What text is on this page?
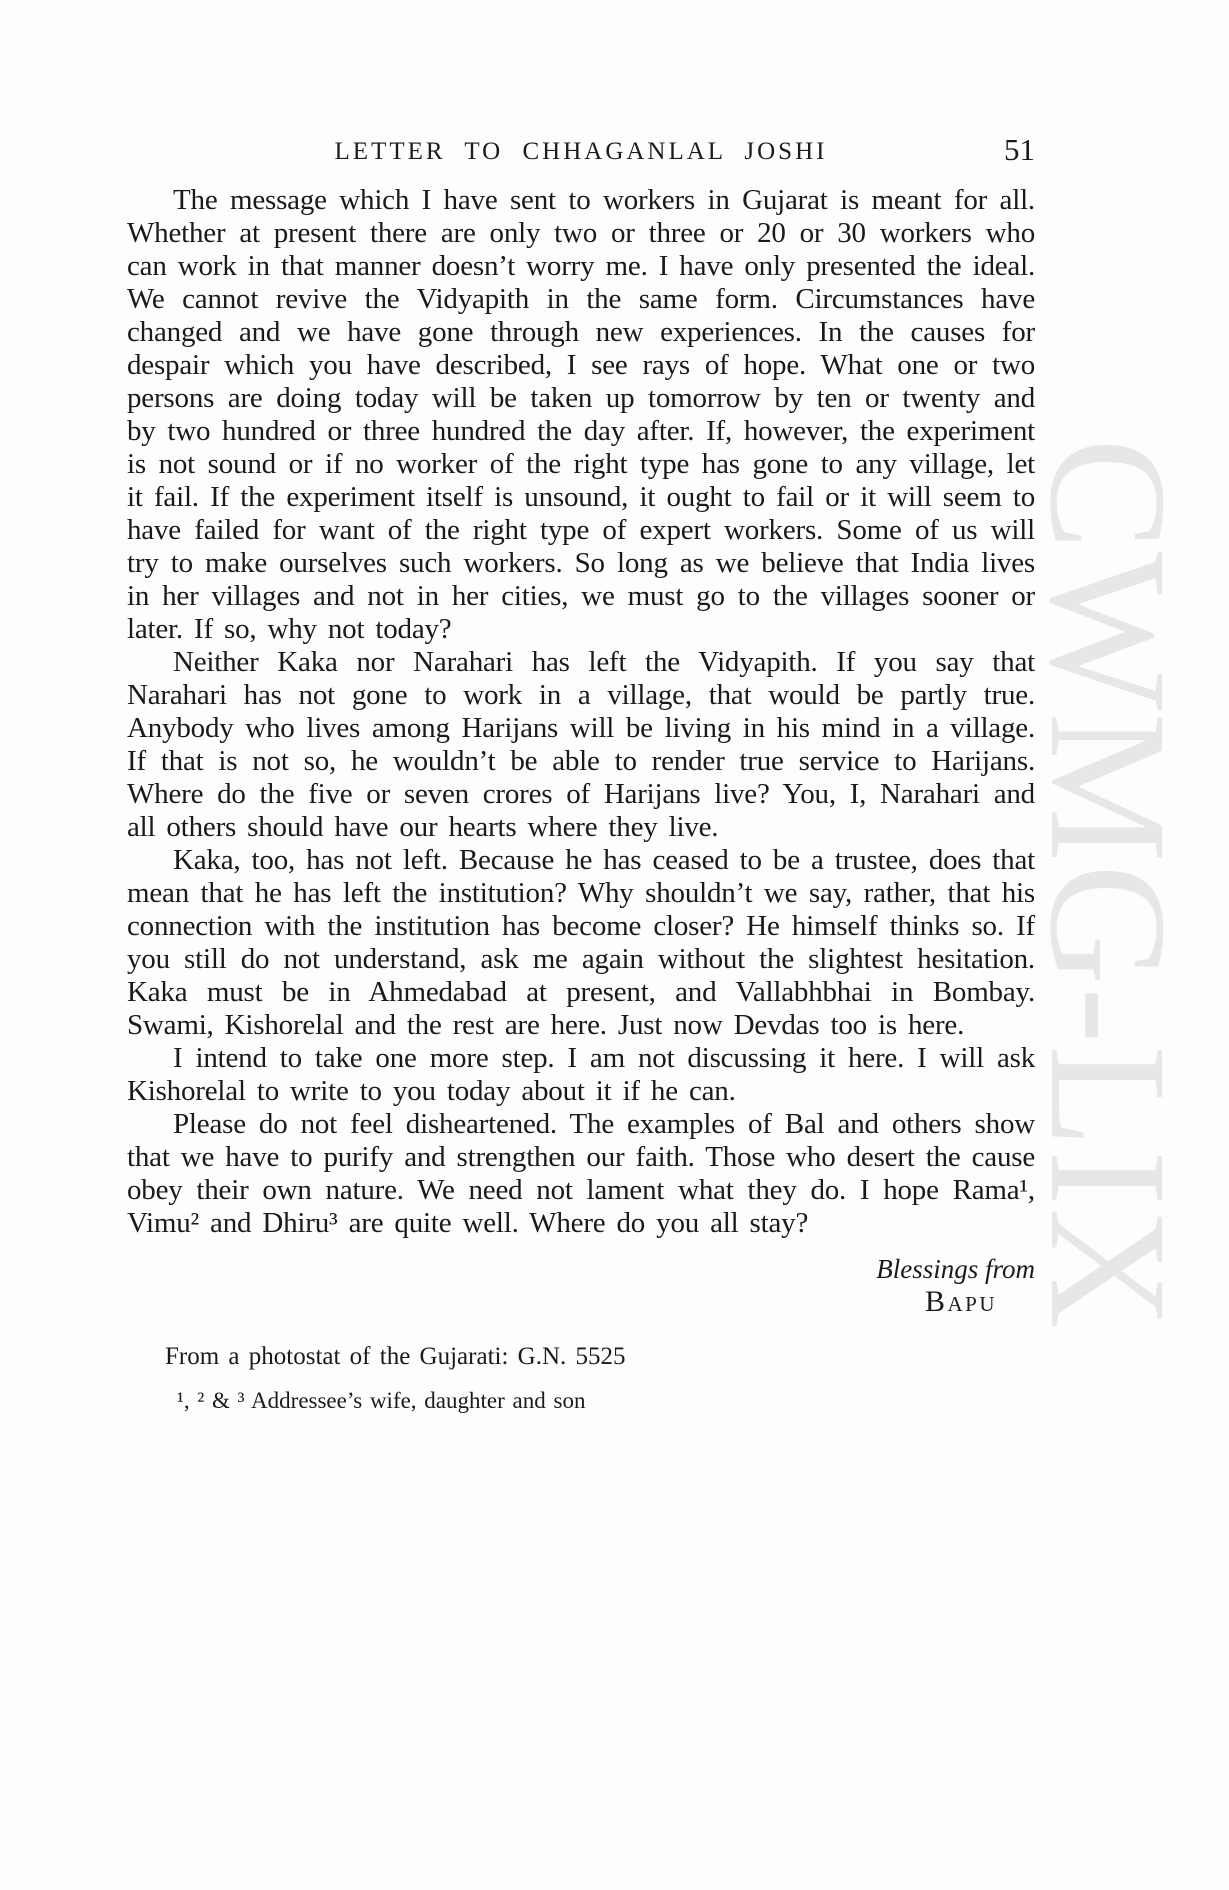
CWMG-LIX
LETTER TO CHHAGANLAL JOSHI	51

The message which I have sent to workers in Gujarat is meant for all. Whether at present there are only two or three or 20 or 30 workers who can work in that manner doesn’t worry me. I have only presented the ideal. We cannot revive the Vidyapith in the same form. Circumstances have changed and we have gone through new experiences. In the causes for despair which you have described, I see rays of hope. What one or two persons are doing today will be taken up tomorrow by ten or twenty and by two hundred or three hundred the day after. If, however, the experiment is not sound or if no worker of the right type has gone to any village, let it fail. If the experiment itself is unsound, it ought to fail or it will seem to have failed for want of the right type of expert workers. Some of us will try to make ourselves such workers. So long as we believe that India lives in her villages and not in her cities, we must go to the villages sooner or later. If so, why not today?

Neither Kaka nor Narahari has left the Vidyapith. If you say that Narahari has not gone to work in a village, that would be partly true. Anybody who lives among Harijans will be living in his mind in a village. If that is not so, he wouldn’t be able to render true service to Harijans. Where do the five or seven crores of Harijans live? You, I, Narahari and all others should have our hearts where they live.

Kaka, too, has not left. Because he has ceased to be a trustee, does that mean that he has left the institution? Why shouldn’t we say, rather, that his connection with the institution has become closer? He himself thinks so. If you still do not understand, ask me again without the slightest hesitation. Kaka must be in Ahmedabad at present, and Vallabhbhai in Bombay. Swami, Kishorelal and the rest are here. Just now Devdas too is here.

I intend to take one more step. I am not discussing it here. I will ask Kishorelal to write to you today about it if he can.

Please do not feel disheartened. The examples of Bal and others show that we have to purify and strengthen our faith. Those who desert the cause obey their own nature. We need not lament what they do. I hope Rama¹, Vimu² and Dhiru³ are quite well. Where do you all stay?

Blessings from
Bapu
From a photostat of the Gujarati: G.N. 5525
¹, ² & ³ Addressee’s wife, daughter and son
